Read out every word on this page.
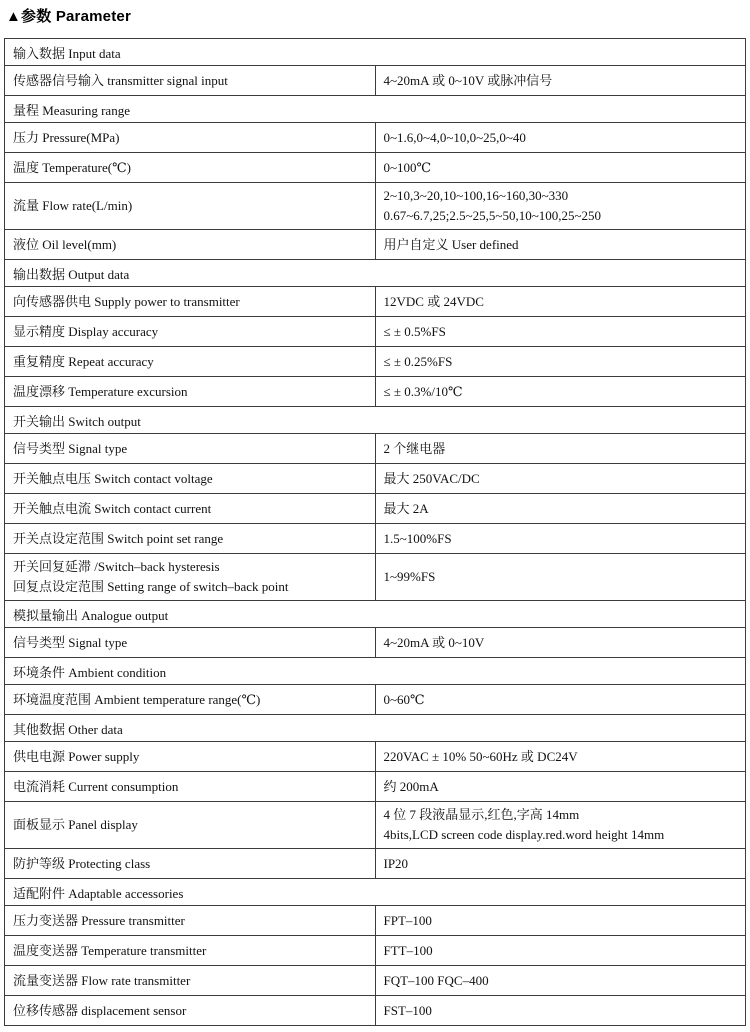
▲参数 Parameter
输入数据 Input data	

传感器信号输入 transmitter signal input	4~20mA 或 0~10V 或脉冲信号

量程 Measuring range	

压力 Pressure(MPa)	0~1.6,0~4,0~10,0~25,0~40

温度 Temperature(℃)	0~100℃

流量 Flow rate(L/min)	2~10,3~20,10~100,16~160,30~330
0.67~6.7,25;2.5~25,5~50,10~100,25~250

液位 Oil level(mm)	用户自定义 User defined

输出数据 Output data	

向传感器供电 Supply power to transmitter	12VDC 或 24VDC

显示精度 Display accuracy	≤ ± 0.5%FS

重复精度 Repeat accuracy	≤ ± 0.25%FS

温度漂移 Temperature excursion	≤ ± 0.3%/10℃

开关输出 Switch output	

信号类型 Signal type	2 个继电器

开关触点电压 Switch contact voltage	最大 250VAC/DC

开关触点电流 Switch contact current	最大 2A

开关点设定范围 Switch point set range	1.5~100%FS

开关回复延滞 /Switch–back hysteresis
回复点设定范围 Setting range of switch–back point	1~99%FS

模拟量输出 Analogue output	

信号类型 Signal type	4~20mA 或 0~10V

环境条件 Ambient condition	

环境温度范围 Ambient temperature range(℃)	0~60℃

其他数据 Other data	

供电电源 Power supply	220VAC ± 10% 50~60Hz 或 DC24V

电流消耗 Current consumption	约 200mA

面板显示 Panel display	4 位 7 段液晶显示,红色,字高 14mm
4bits,LCD screen code display.red.word height 14mm

防护等级 Protecting class	IP20

适配附件 Adaptable accessories	

压力变送器 Pressure transmitter	FPT–100

温度变送器 Temperature transmitter	FTT–100

流量变送器 Flow rate transmitter	FQT–100 FQC–400

位移传感器 displacement sensor	FST–100
